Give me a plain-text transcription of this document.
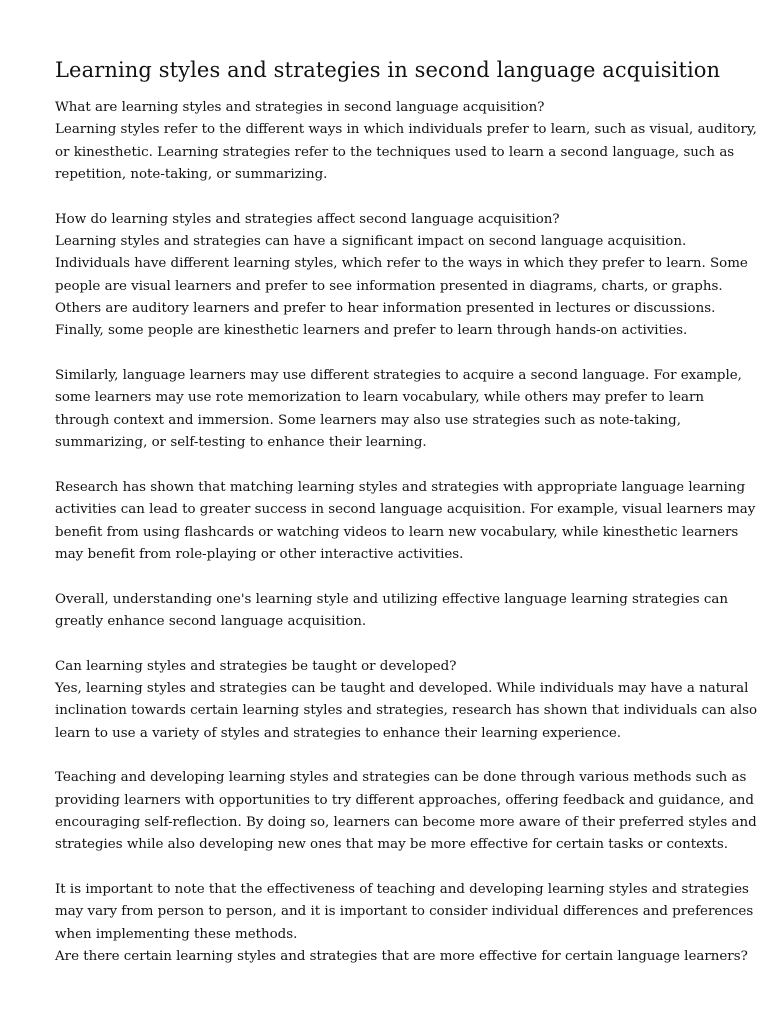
Learning styles and strategies in second language acquisition
What are learning styles and strategies in second language acquisition?
Learning styles refer to the different ways in which individuals prefer to learn, such as visual, auditory,
or kinesthetic. Learning strategies refer to the techniques used to learn a second language, such as
repetition, note-taking, or summarizing.
How do learning styles and strategies affect second language acquisition?
Learning styles and strategies can have a significant impact on second language acquisition.
Individuals have different learning styles, which refer to the ways in which they prefer to learn. Some
people are visual learners and prefer to see information presented in diagrams, charts, or graphs.
Others are auditory learners and prefer to hear information presented in lectures or discussions.
Finally, some people are kinesthetic learners and prefer to learn through hands-on activities.
Similarly, language learners may use different strategies to acquire a second language. For example,
some learners may use rote memorization to learn vocabulary, while others may prefer to learn
through context and immersion. Some learners may also use strategies such as note-taking,
summarizing, or self-testing to enhance their learning.
Research has shown that matching learning styles and strategies with appropriate language learning
activities can lead to greater success in second language acquisition. For example, visual learners may
benefit from using flashcards or watching videos to learn new vocabulary, while kinesthetic learners
may benefit from role-playing or other interactive activities.
Overall, understanding one's learning style and utilizing effective language learning strategies can
greatly enhance second language acquisition.
Can learning styles and strategies be taught or developed?
Yes, learning styles and strategies can be taught and developed. While individuals may have a natural
inclination towards certain learning styles and strategies, research has shown that individuals can also
learn to use a variety of styles and strategies to enhance their learning experience.
Teaching and developing learning styles and strategies can be done through various methods such as
providing learners with opportunities to try different approaches, offering feedback and guidance, and
encouraging self-reflection. By doing so, learners can become more aware of their preferred styles and
strategies while also developing new ones that may be more effective for certain tasks or contexts.
It is important to note that the effectiveness of teaching and developing learning styles and strategies
may vary from person to person, and it is important to consider individual differences and preferences
when implementing these methods.
Are there certain learning styles and strategies that are more effective for certain language learners?
